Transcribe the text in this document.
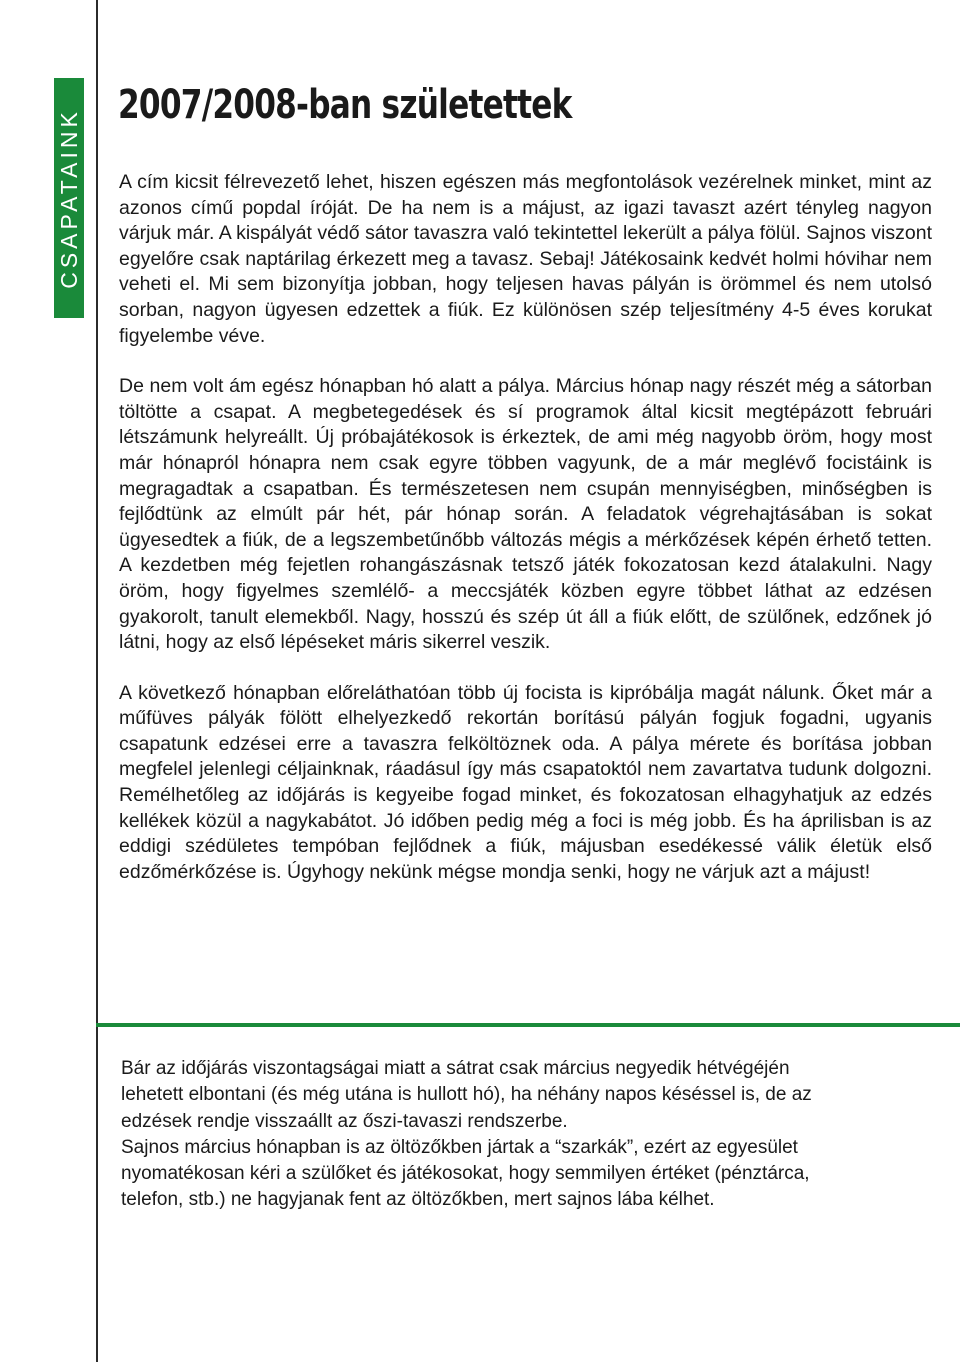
CSAPATAINK
2007/2008-ban születettek

A cím kicsit félrevezető lehet, hiszen egészen más megfontolások vezérelnek minket, mint az azonos című popdal íróját. De ha nem is a májust, az igazi tavaszt azért tényleg nagyon várjuk már. A kispályát védő sátor tavaszra való tekintettel lekerült a pálya fölül. Sajnos viszont egyelőre csak naptárilag érkezett meg a tavasz. Sebaj! Játékosaink kedvét holmi hóvihar nem veheti el. Mi sem bizonyítja jobban, hogy teljesen havas pályán is örömmel és nem utolsó sorban, nagyon ügyesen edzettek a fiúk. Ez különösen szép teljesítmény 4-5 éves korukat figyelembe véve.

De nem volt ám egész hónapban hó alatt a pálya. Március hónap nagy részét még a sátorban töltötte a csapat. A megbetegedések és sí programok által kicsit megtépázott februári létszámunk helyreállt. Új próbajátékosok is érkeztek, de ami még nagyobb öröm, hogy most már hónapról hónapra nem csak egyre többen vagyunk, de a már meglévő focistáink is megragadtak a csapatban. És természetesen nem csupán mennyiségben, minőségben is fejlődtünk az elmúlt pár hét, pár hónap során. A feladatok végrehajtásában is sokat ügyesedtek a fiúk, de a legszembetűnőbb változás mégis a mérkőzések képén érhető tetten. A kezdetben még fejetlen rohangászásnak tetsző játék fokozatosan kezd átalakulni. Nagy öröm, hogy figyelmes szemlélő- a meccsjáték közben egyre többet láthat az edzésen gyakorolt, tanult elemekből. Nagy, hosszú és szép út áll a fiúk előtt, de szülőnek, edzőnek jó látni, hogy az első lépéseket máris sikerrel veszik.

A következő hónapban előreláthatóan több új focista is kipróbálja magát nálunk. Őket már a műfüves pályák fölött elhelyezkedő rekortán borítású pályán fogjuk fogadni, ugyanis csapatunk edzései erre a tavaszra felköltöznek oda. A pálya mérete és borítása jobban megfelel jelenlegi céljainknak, ráadásul így más csapatoktól nem zavartatva tudunk dolgozni. Remélhetőleg az időjárás is kegyeibe fogad minket, és fokozatosan elhagyhatjuk az edzés kellékek közül a nagykabátot. Jó időben pedig még a foci is még jobb. És ha áprilisban is az eddigi szédületes tempóban fejlődnek a fiúk, májusban esedékessé válik életük első edzőmérkőzése is. Úgyhogy nekünk mégse mondja senki, hogy ne várjuk azt a májust!

Bár az időjárás viszontagságai miatt a sátrat csak március negyedik hétvégéjén

lehetett elbontani (és még utána is hullott hó), ha néhány napos késéssel is, de az

edzések rendje visszaállt az őszi-tavaszi rendszerbe.

Sajnos március hónapban is az öltözőkben jártak a “szarkák”, ezért az egyesület

nyomatékosan kéri a szülőket és játékosokat, hogy semmilyen értéket (pénztárca,

telefon, stb.) ne hagyjanak fent az öltözőkben, mert sajnos lába kélhet.
